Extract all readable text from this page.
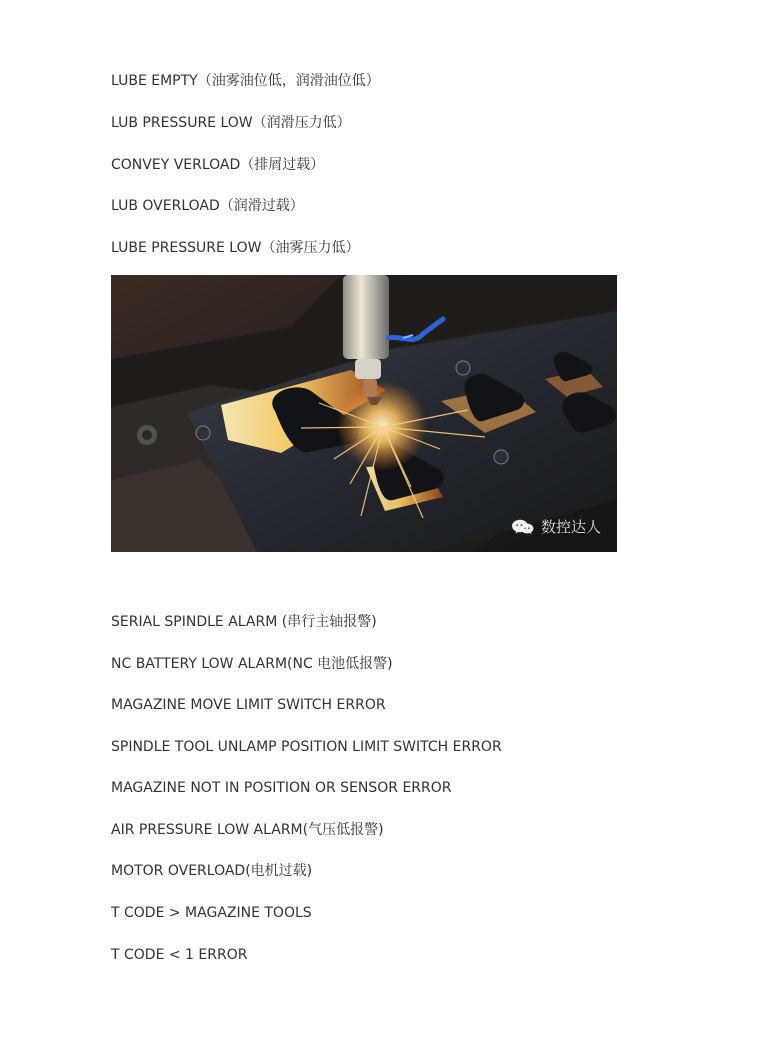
LUBE EMPTY（油雾油位低，润滑油位低）
LUB PRESSURE LOW（润滑压力低）
CONVEY VERLOAD（排屑过载）
LUB OVERLOAD（润滑过载）
LUBE PRESSURE LOW（油雾压力低）
数控达人
SERIAL SPINDLE ALARM (串行主轴报警)
NC BATTERY LOW ALARM(NC 电池低报警)
MAGAZINE MOVE LIMIT SWITCH ERROR
SPINDLE TOOL UNLAMP POSITION LIMIT SWITCH ERROR
MAGAZINE NOT IN POSITION OR SENSOR ERROR
AIR PRESSURE LOW ALARM(气压低报警)
MOTOR OVERLOAD(电机过载)
T CODE > MAGAZINE TOOLS
T CODE < 1 ERROR
